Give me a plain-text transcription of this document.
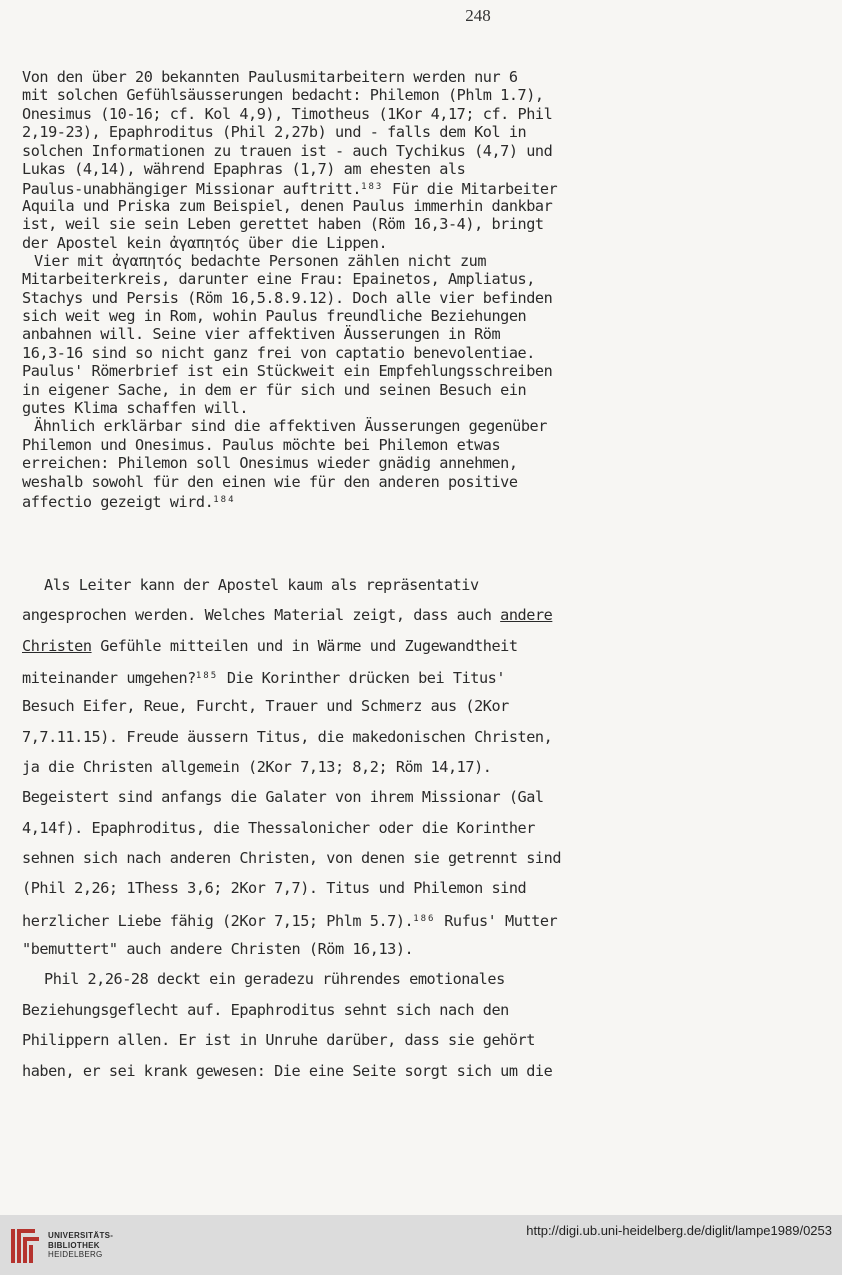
248
Von den über 20 bekannten Paulusmitarbeitern werden nur 6
mit solchen Gefühlsäusserungen bedacht: Philemon (Phlm 1.7),
Onesimus (10-16; cf. Kol 4,9), Timotheus (1Kor 4,17; cf. Phil
2,19-23), Epaphroditus (Phil 2,27b) und - falls dem Kol in
solchen Informationen zu trauen ist - auch Tychikus (4,7) und
Lukas (4,14), während Epaphras (1,7) am ehesten als
Paulus-unabhängiger Missionar auftritt.$^{183}$ Für die Mitarbeiter
Aquila und Priska zum Beispiel, denen Paulus immerhin dankbar
ist, weil sie sein Leben gerettet haben (Röm 16,3-4), bringt
der Apostel kein ἀγαπητός über die Lippen.
Vier mit ἀγαπητός bedachte Personen zählen nicht zum
Mitarbeiterkreis, darunter eine Frau: Epainetos, Ampliatus,
Stachys und Persis (Röm 16,5.8.9.12). Doch alle vier befinden
sich weit weg in Rom, wohin Paulus freundliche Beziehungen
anbahnen will. Seine vier affektiven Äusserungen in Röm
16,3-16 sind so nicht ganz frei von captatio benevolentiae.
Paulus' Römerbrief ist ein Stückweit ein Empfehlungsschreiben
in eigener Sache, in dem er für sich und seinen Besuch ein
gutes Klima schaffen will.
Ähnlich erklärbar sind die affektiven Äusserungen gegenüber
Philemon und Onesimus. Paulus möchte bei Philemon etwas
erreichen: Philemon soll Onesimus wieder gnädig annehmen,
weshalb sowohl für den einen wie für den anderen positive
affectio gezeigt wird.$^{184}$
Als Leiter kann der Apostel kaum als repräsentativ
angesprochen werden. Welches Material zeigt, dass auch andere
Christen Gefühle mitteilen und in Wärme und Zugewandtheit
miteinander umgehen?$^{185}$ Die Korinther drücken bei Titus'
Besuch Eifer, Reue, Furcht, Trauer und Schmerz aus (2Kor
7,7.11.15). Freude äussern Titus, die makedonischen Christen,
ja die Christen allgemein (2Kor 7,13; 8,2; Röm 14,17).
Begeistert sind anfangs die Galater von ihrem Missionar (Gal
4,14f). Epaphroditus, die Thessalonicher oder die Korinther
sehnen sich nach anderen Christen, von denen sie getrennt sind
(Phil 2,26; 1Thess 3,6; 2Kor 7,7). Titus und Philemon sind
herzlicher Liebe fähig (2Kor 7,15; Phlm 5.7).$^{186}$ Rufus' Mutter
"bemuttert" auch andere Christen (Röm 16,13).
Phil 2,26-28 deckt ein geradezu rührendes emotionales
Beziehungsgeflecht auf. Epaphroditus sehnt sich nach den
Philippern allen. Er ist in Unruhe darüber, dass sie gehört
haben, er sei krank gewesen: Die eine Seite sorgt sich um die
UNIVERSITÄTS-
BIBLIOTHEK
HEIDELBERG
http://digi.ub.uni-heidelberg.de/diglit/lampe1989/0253
